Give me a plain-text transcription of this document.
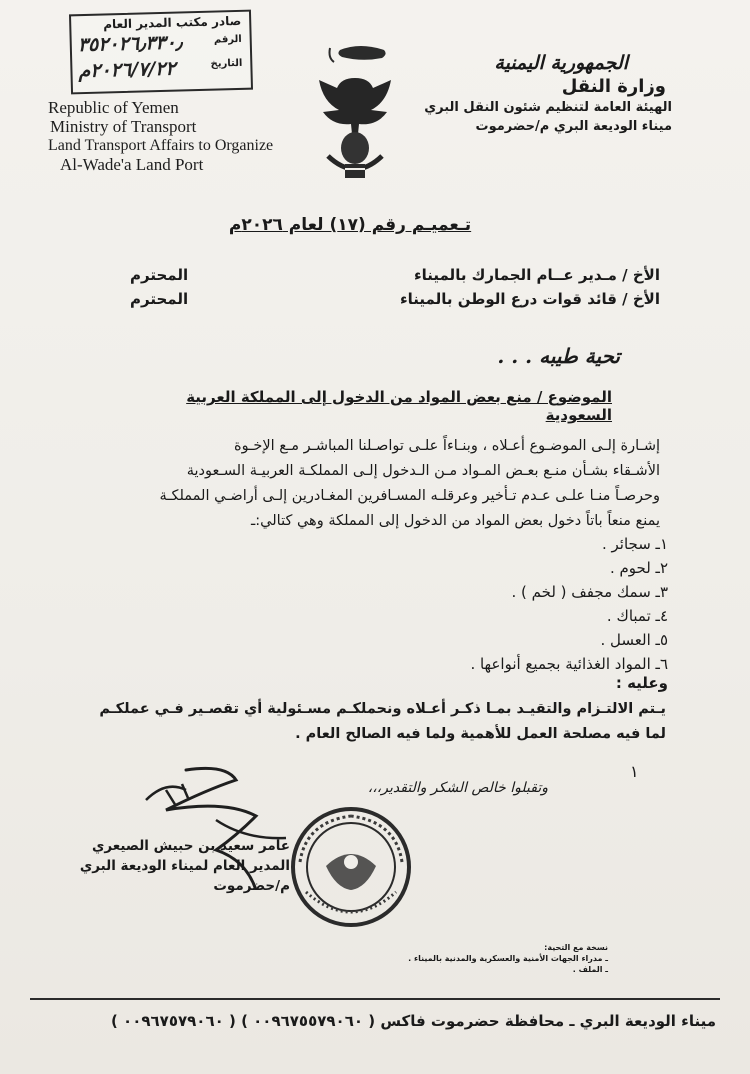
صادر مكتب المدير العام
الرقم
٣٥٢٠٢٦٫٣٣٠٫
التاريخ
٢٠٢٦/٧/٢٢م
Republic of Yemen
Ministry of Transport
Land Transport Affairs to Organize
Al-Wade'a Land Port
الجمهورية اليمنية
وزارة النقل
الهيئة العامة لتنظيم شئون النقل البري
ميناء الوديعة البري م/حضرموت
تـعميـم رقم (١٧) لعام ٢٠٢٦م
الأخ / مـدير عــام الجمارك بالميناء
المحترم
الأخ / قائد قوات درع الوطن بالميناء
المحترم
تحية طيبه . . .
الموضوع / منع بعض المواد من الدخول إلى المملكة العربية السعودية
إشـارة إلـى الموضـوع أعـلاه ، وبنـاءاً علـى تواصـلنا المباشـر مـع الإخـوة
الأشـقاء بشـأن منـع بعـض المـواد مـن الـدخول إلـى المملكـة العربيـة السـعودية
وحرصـاً منـا علـى عـدم تـأخير وعرقلـه المسـافرين المغـادرين إلـى أراضـي المملكـة
يمنع منعاً باتاً دخول بعض المواد من الدخول إلى المملكة وهي كتالي:ـ
١ـ سجائر .
٢ـ لحوم .
٣ـ سمك مجفف ( لخم ) .
٤ـ تمباك .
٥ـ العسل .
٦ـ المواد الغذائية بجميع أنواعها .
وعليه :
يـتم الالتـزام والتقيـد بمـا ذكـر أعـلاه ونحملكـم مسـئولية أي تقصـير فـي عملكـم
لما فيه مصلحة العمل للأهمية ولما فيه الصالح العام .
١
وتقبلوا خالص الشكر والتقدير،،،
عامر سعيد بن حبيش الصيعري
المدير العام لميناء الوديعة البري
م/حضرموت
نسخة مع التحية:
ـ مدراء الجهات الأمنية والعسكرية والمدنية بالميناء .
ـ الملف .
ميناء الوديعة البري ـ محافظة حضرموت فاكس ( ٠٠٩٦٧٥٥٧٩٠٦٠ ) ( ٠٠٩٦٧٥٧٩٠٦٠ )
